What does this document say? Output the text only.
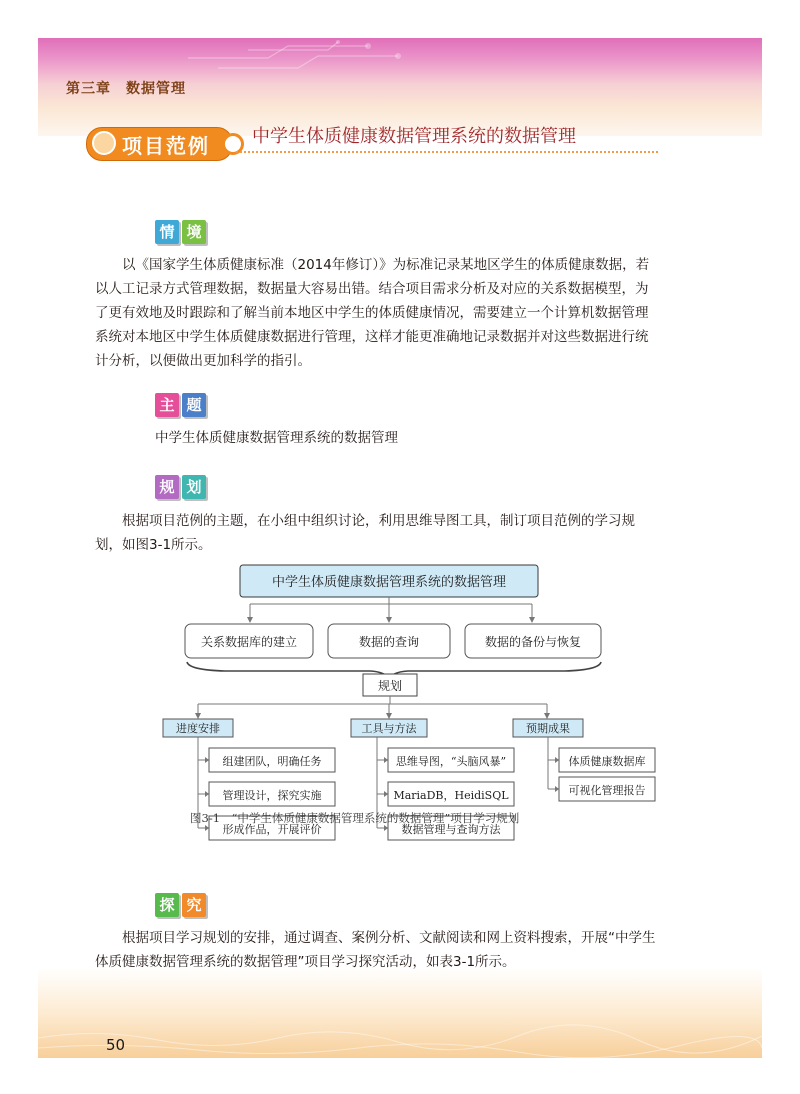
第三章　数据管理
50
项目范例 中学生体质健康数据管理系统的数据管理
情 境
以《国家学生体质健康标准（2014年修订）》为标准记录某地区学生的体质健康数据，若以人工记录方式管理数据，数据量大容易出错。结合项目需求分析及对应的关系数据模型，为了更有效地及时跟踪和了解当前本地区中学生的体质健康情况，需要建立一个计算机数据管理系统对本地区中学生体质健康数据进行管理，这样才能更准确地记录数据并对这些数据进行统计分析，以便做出更加科学的指引。
主 题
中学生体质健康数据管理系统的数据管理
规 划
根据项目范例的主题，在小组中组织讨论，利用思维导图工具，制订项目范例的学习规划，如图3-1所示。
中学生体质健康数据管理系统的数据管理
关系数据库的建立	数据的查询	数据的备份与恢复
规划
进度安排	工具与方法	预期成果
组建团队，明确任务
管理设计，探究实施
形成作品，开展评价
思维导图，“头脑风暴”
MariaDB，HeidiSQL
数据管理与查询方法
体质健康数据库
可视化管理报告
图3-1　“中学生体质健康数据管理系统的数据管理”项目学习规划
探 究
根据项目学习规划的安排，通过调查、案例分析、文献阅读和网上资料搜索，开展“中学生体质健康数据管理系统的数据管理”项目学习探究活动，如表3-1所示。
